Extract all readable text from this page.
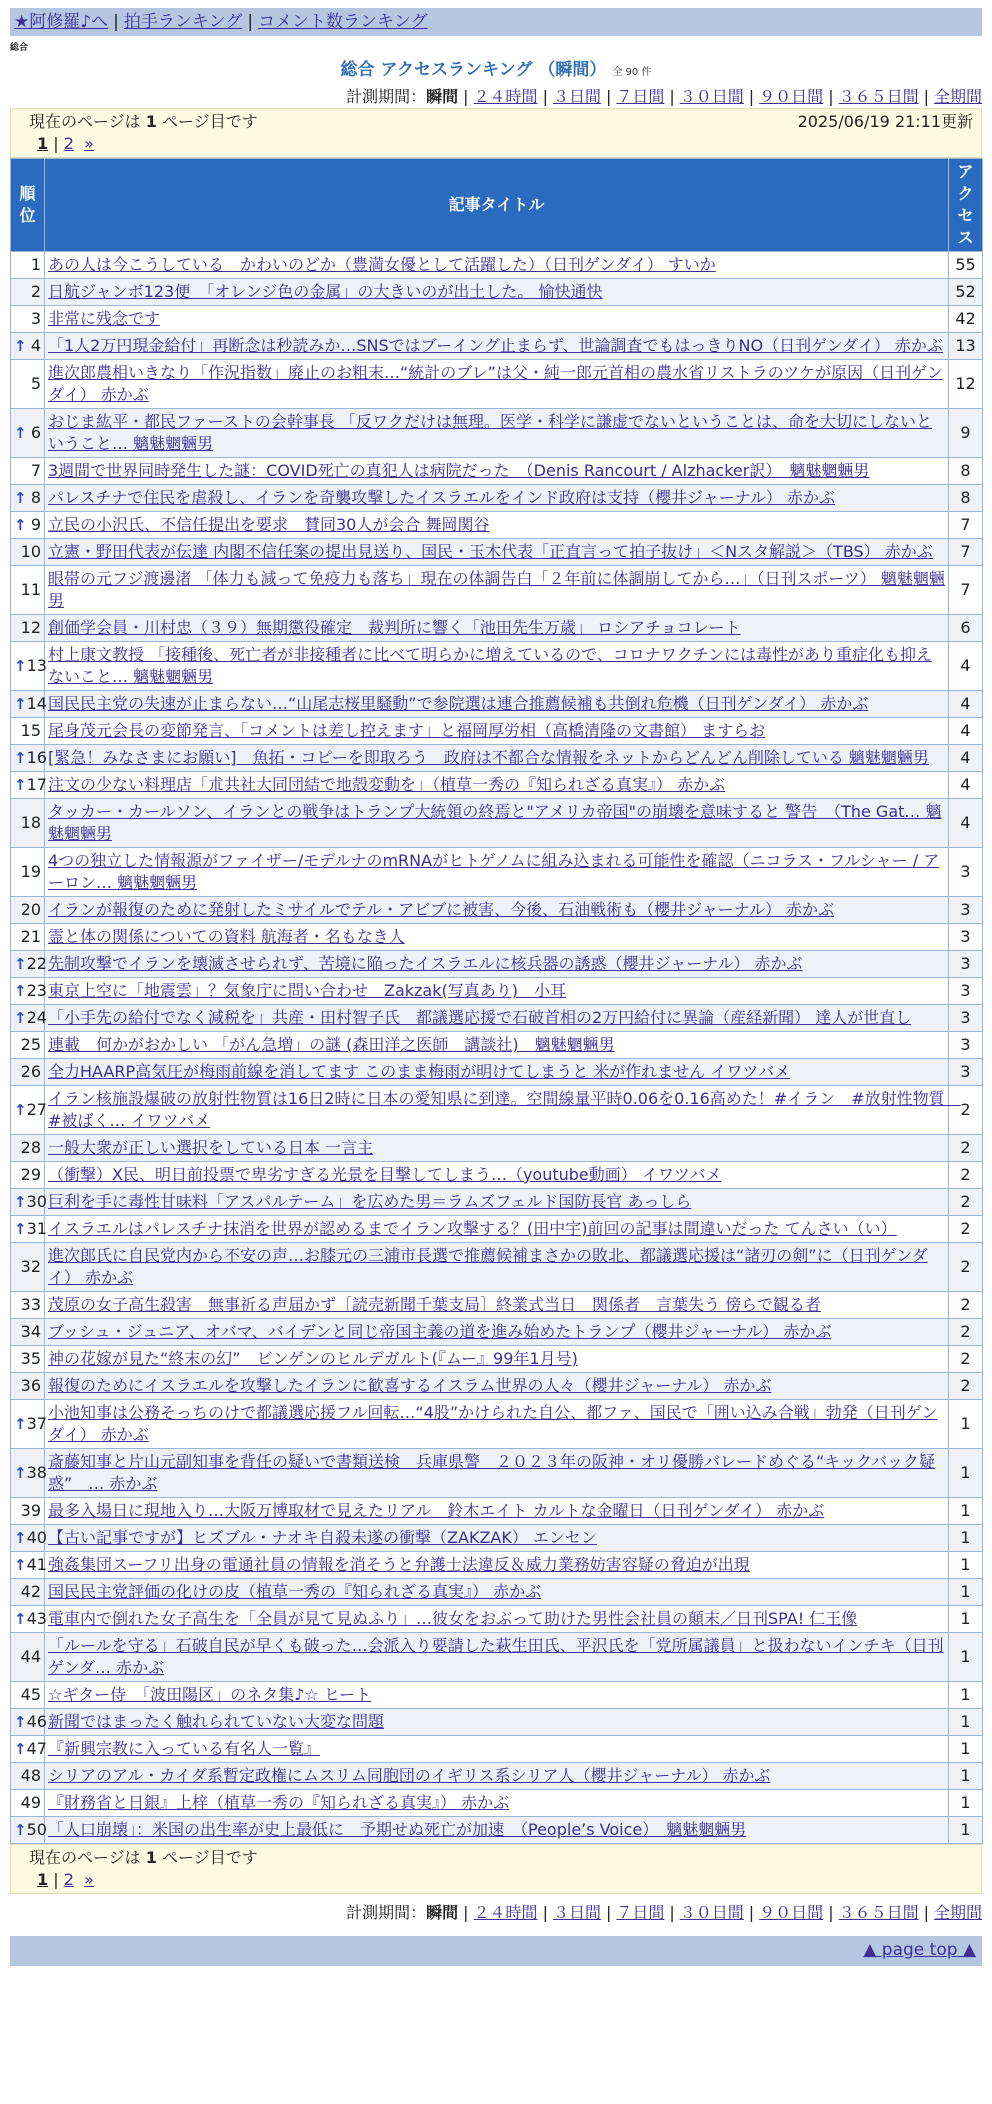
★阿修羅♪へ | 拍手ランキング | コメント数ランキング
総合
総合 アクセスランキング （瞬間） 全 90 件
計測期間：瞬間 | ２４時間 | ３日間 | ７日間 | ３０日間 | ９０日間 | ３６５日間 | 全期間
現在のページは 1 ページ目です	2025/06/19 21:11更新
1 | 2 »
順位	記事タイトル	アクセス
1	あの人は今こうしている　かわいのどか（豊満女優として活躍した）（日刊ゲンダイ） すいか	55
2	日航ジャンボ123便　「オレンジ色の金属」の大きいのが出土した。 愉快通快	52
3	非常に残念です	42

↑ 4	「1人2万円現金給付」再断念は秒読みか…SNSではブーイング止まらず、世論調査でもはっきりNO（日刊ゲンダイ） 赤かぶ	13
5	進次郎農相いきなり「作況指数」廃止のお粗末…“統計のブレ”は父・純一郎元首相の農水省リストラのツケが原因（日刊ゲンダイ） 赤かぶ	12

↑ 6	おじま紘平・都民ファーストの会幹事長 「反ワクだけは無理。医学・科学に謙虚でないということは、命を大切にしないということ… 魑魅魍魎男	9
7	3週間で世界同時発生した謎：COVID死亡の真犯人は病院だった　（Denis Rancourt / Alzhacker訳）　魑魅魍魎男	8

↑ 8	パレスチナで住民を虐殺し、イランを奇襲攻撃したイスラエルをインド政府は支持（櫻井ジャーナル） 赤かぶ	8

↑ 9	立民の小沢氏、不信任提出を要求　賛同30人が会合 舞岡関谷	7
10	立憲・野田代表が伝達 内閣不信任案の提出見送り、国民・玉木代表「正直言って拍子抜け」＜Nスタ解説＞（TBS） 赤かぶ	7
11	眼帯の元フジ渡邊渚 「体力も減って免疫力も落ち」現在の体調告白「２年前に体調崩してから…」（日刊スポーツ） 魑魅魍魎男	7
12	創価学会員・川村忠（３９）無期懲役確定　裁判所に響く「池田先生万歳」 ロシアチョコレート	6

↑ 13	村上康文教授 「接種後、死亡者が非接種者に比べて明らかに増えているので、コロナワクチンには毒性があり重症化も抑えないこと… 魑魅魍魎男	4

↑ 14	国民民主党の失速が止まらない…“山尾志桜里騒動”で参院選は連合推薦候補も共倒れ危機（日刊ゲンダイ） 赤かぶ	4
15	尾身茂元会長の変節発言、「コメントは差し控えます」と福岡厚労相（高橋清隆の文書館） ますらお	4

↑ 16	[緊急！みなさまにお願い]　魚拓・コピーを即取ろう　政府は不都合な情報をネットからどんどん削除している 魑魅魍魎男	4

↑ 17	注文の少ない料理店「朮共社大同団結で地殻変動を」（植草一秀の『知られざる真実』） 赤かぶ	4
18	タッカー・カールソン、イランとの戦争はトランプ大統領の終焉と"アメリカ帝国"の崩壊を意味すると 警告　（The Gat… 魑魅魍魎男	4
19	4つの独立した情報源がファイザー/モデルナのmRNAがヒトゲノムに組み込まれる可能性を確認（ニコラス・フルシャー / アーロン… 魑魅魍魎男	3
20	イランが報復のために発射したミサイルでテル・アビブに被害、今後、石油戦術も（櫻井ジャーナル） 赤かぶ	3
21	霊と体の関係についての資料 航海者・名もなき人	3

↑ 22	先制攻撃でイランを壊滅させられず、苦境に陥ったイスラエルに核兵器の誘惑（櫻井ジャーナル） 赤かぶ	3

↑ 23	東京上空に「地震雲」？気象庁に問い合わせ　Zakzak(写真あり)　小耳	3

↑ 24	「小手先の給付でなく減税を」共産・田村智子氏　都議選応援で石破首相の2万円給付に異論（産経新聞） 達人が世直し	3
25	連載　何かがおかしい 「がん急増」の謎 (森田洋之医師　講談社)　魑魅魍魎男	3
26	全力HAARP高気圧が梅雨前線を消してます このまま梅雨が明けてしまうと 米が作れません イワツバメ	3

↑ 27	イラン核施設爆破の放射性物質は16日2時に日本の愛知県に到達。空間線量平時0.06を0.16高めた！#イラン　#放射性物質　#被ばく… イワツバメ	2
28	一般大衆が正しい選択をしている日本 一言主	2
29	（衝撃）X民、明日前投票で卑劣すぎる光景を目撃してしまう…（youtube動画） イワツバメ	2

↑ 30	巨利を手に毒性甘味料「アスパルテーム」を広めた男＝ラムズフェルド国防長官 あっしら	2

↑ 31	イスラエルはパレスチナ抹消を世界が認めるまでイラン攻撃する？(田中宇)前回の記事は間違いだった てんさい（い）	2
32	進次郎氏に自民党内から不安の声…お膝元の三浦市長選で推薦候補まさかの敗北、都議選応援は“諸刃の剣”に（日刊ゲンダイ） 赤かぶ	2
33	茂原の女子高生殺害　無事祈る声届かず［読売新聞千葉支局］終業式当日　関係者　言葉失う 傍らで観る者	2
34	ブッシュ・ジュニア、オバマ、バイデンと同じ帝国主義の道を進み始めたトランプ（櫻井ジャーナル） 赤かぶ	2
35	神の花嫁が見た“終末の幻”　ビンゲンのヒルデガルト(『ムー』99年1月号)	2
36	報復のためにイスラエルを攻撃したイランに歓喜するイスラム世界の人々（櫻井ジャーナル） 赤かぶ	2

↑ 37	小池知事は公務そっちのけで都議選応援フル回転…“4股”かけられた自公、都ファ、国民で「囲い込み合戦」勃発（日刊ゲンダイ） 赤かぶ	1

↑ 38	斎藤知事と片山元副知事を背任の疑いで書類送検　兵庫県警　２０２３年の阪神・オリ優勝パレードめぐる“キックバック疑惑”　… 赤かぶ	1
39	最多入場日に現地入り…大阪万博取材で見えたリアル　鈴木エイト カルトな金曜日（日刊ゲンダイ） 赤かぶ	1

↑ 40	【古い記事ですが】ヒズブル・ナオキ自殺未遂の衝撃（ZAKZAK） エンセン	1

↑ 41	強姦集団スーフリ出身の電通社員の情報を消そうと弁護士法違反＆威力業務妨害容疑の脅迫が出現	1
42	国民民主党評価の化けの皮（植草一秀の『知られざる真実』） 赤かぶ	1

↑ 43	電車内で倒れた女子高生を「全員が見て見ぬふり」…彼女をおぶって助けた男性会社員の顛末／日刊SPA! 仁王像	1
44	「ルールを守る」石破自民が早くも破った…会派入り要請した萩生田氏、平沢氏を「党所属議員」と扱わないインチキ（日刊ゲンダ… 赤かぶ	1
45	☆ギター侍　「波田陽区」のネタ集♪☆ ヒート	1

↑ 46	新聞ではまったく触れられていない大変な問題	1

↑ 47	『新興宗教に入っている有名人一覧』	1
48	シリアのアル・カイダ系暫定政権にムスリム同胞団のイギリス系シリア人（櫻井ジャーナル） 赤かぶ	1
49	『財務省と日銀』上梓（植草一秀の『知られざる真実』） 赤かぶ	1

↑ 50	「人口崩壊」：米国の出生率が史上最低に　予期せぬ死亡が加速　（People’s Voice）　魑魅魍魎男	1
現在のページは 1 ページ目です
1 | 2 »
計測期間：瞬間 | ２４時間 | ３日間 | ７日間 | ３０日間 | ９０日間 | ３６５日間 | 全期間
▲ page top ▲
